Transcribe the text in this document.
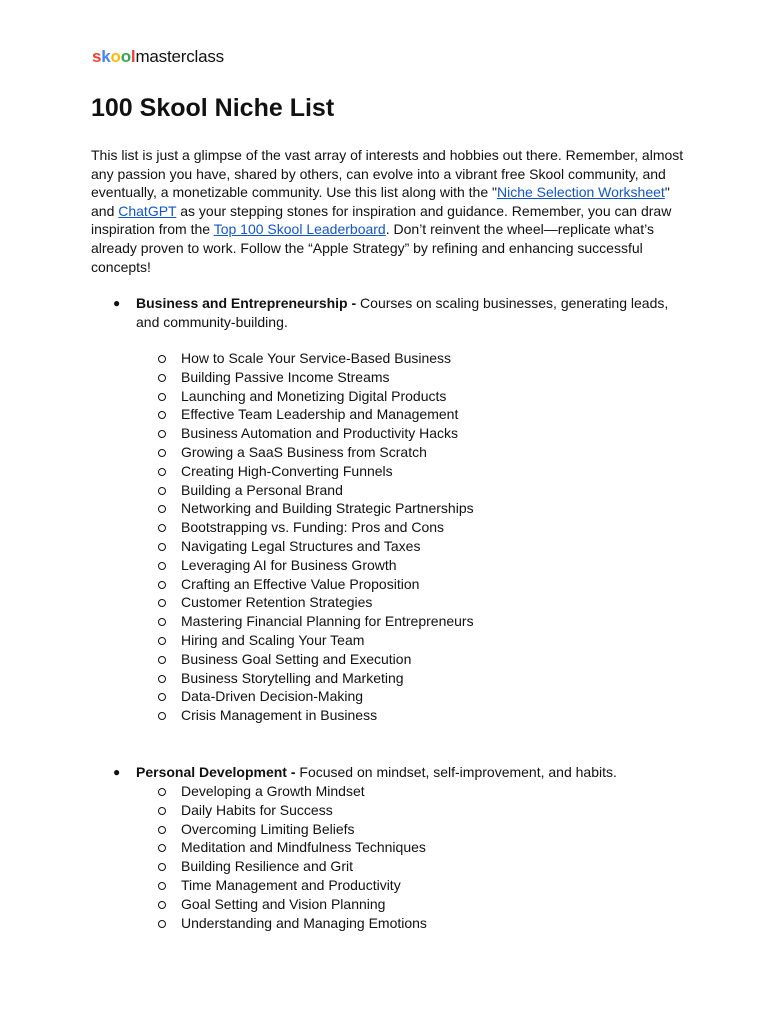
skoolmasterclass
100 Skool Niche List

This list is just a glimpse of the vast array of interests and hobbies out there. Remember, almost any passion you have, shared by others, can evolve into a vibrant free Skool community, and eventually, a monetizable community. Use this list along with the "Niche Selection Worksheet" and ChatGPT as your stepping stones for inspiration and guidance. Remember, you can draw inspiration from the Top 100 Skool Leaderboard. Don’t reinvent the wheel—replicate what’s already proven to work. Follow the “Apple Strategy” by refining and enhancing successful concepts!

● Business and Entrepreneurship - Courses on scaling businesses, generating leads, and community-building.
How to Scale Your Service-Based Business
Building Passive Income Streams
Launching and Monetizing Digital Products
Effective Team Leadership and Management
Business Automation and Productivity Hacks
Growing a SaaS Business from Scratch
Creating High-Converting Funnels
Building a Personal Brand
Networking and Building Strategic Partnerships
Bootstrapping vs. Funding: Pros and Cons
Navigating Legal Structures and Taxes
Leveraging AI for Business Growth
Crafting an Effective Value Proposition
Customer Retention Strategies
Mastering Financial Planning for Entrepreneurs
Hiring and Scaling Your Team
Business Goal Setting and Execution
Business Storytelling and Marketing
Data-Driven Decision-Making
Crisis Management in Business
● Personal Development - Focused on mindset, self-improvement, and habits.
Developing a Growth Mindset
Daily Habits for Success
Overcoming Limiting Beliefs
Meditation and Mindfulness Techniques
Building Resilience and Grit
Time Management and Productivity
Goal Setting and Vision Planning
Understanding and Managing Emotions
